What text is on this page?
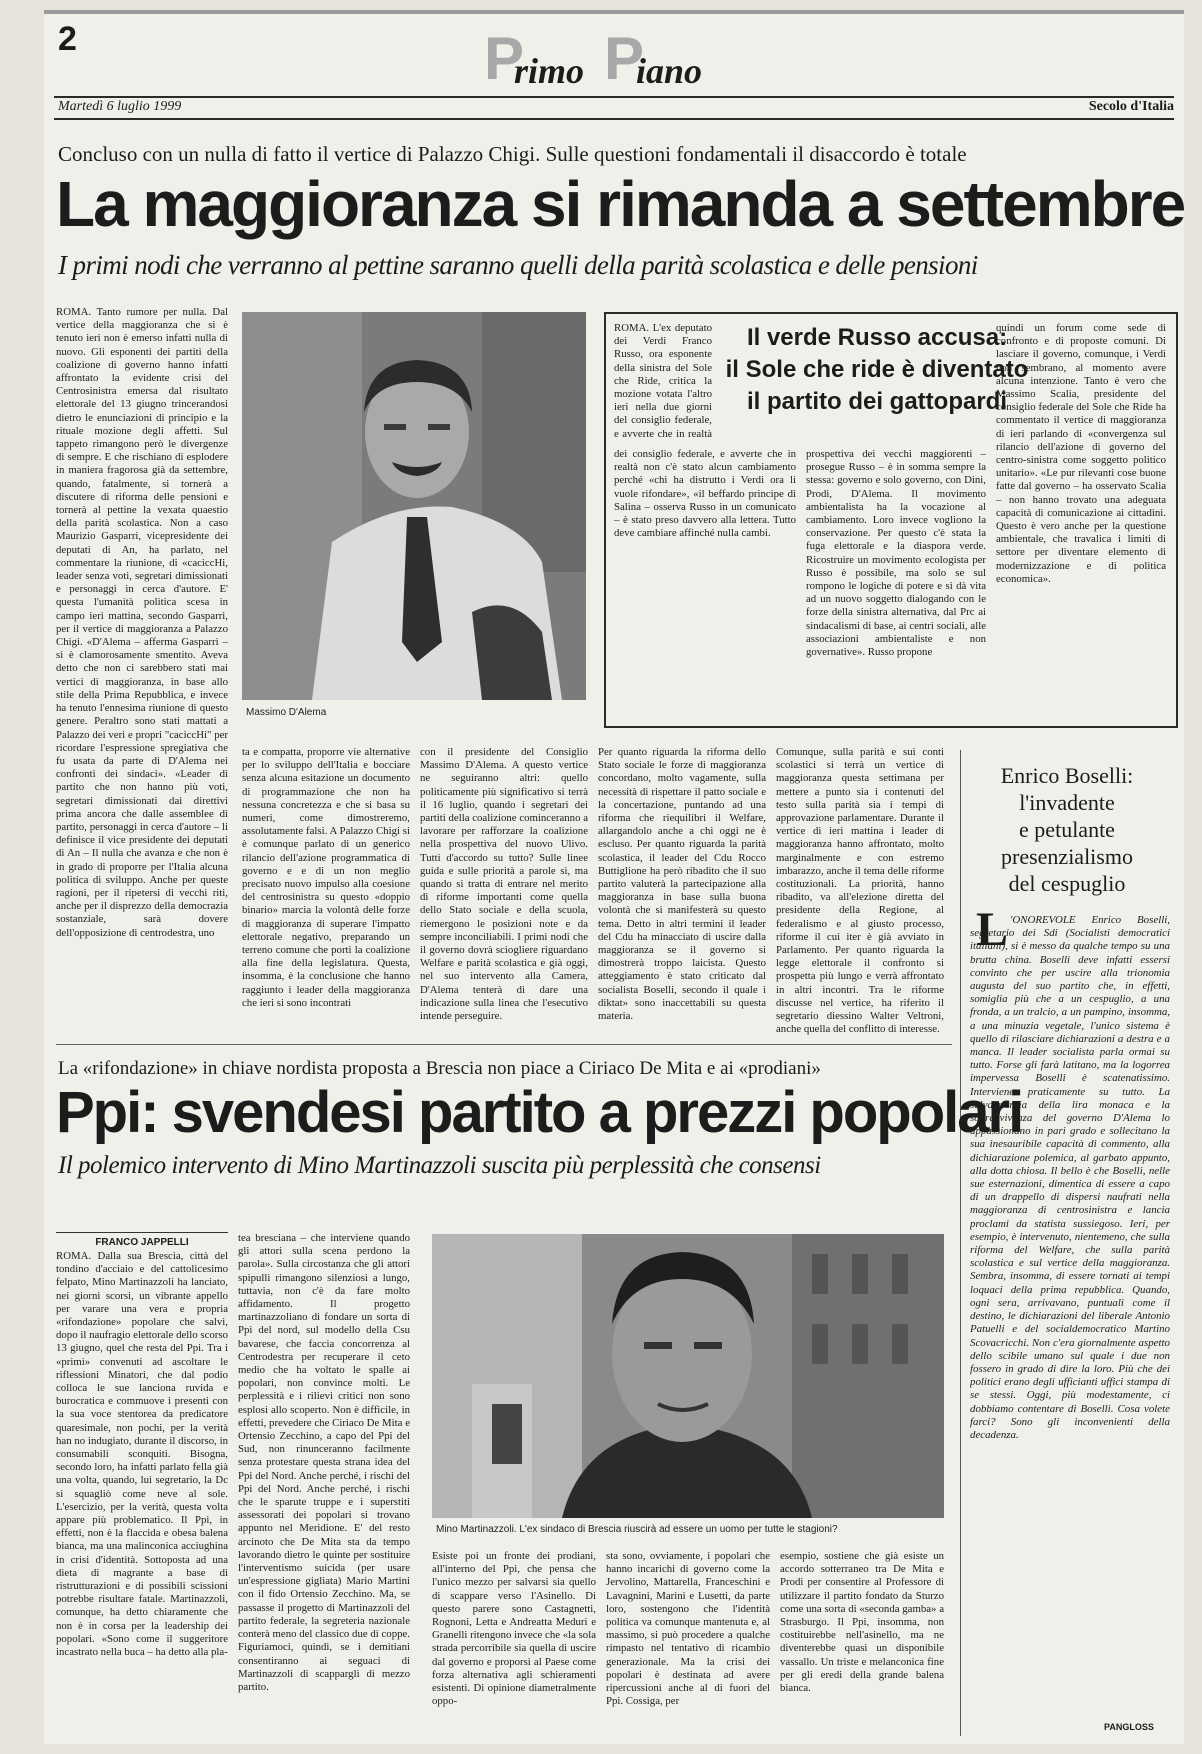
2	P
rimo P
iano
Martedì 6 luglio 1999	Secolo d'Italia
Concluso con un nulla di fatto il vertice di Palazzo Chigi. Sulle questioni fondamentali il disaccordo è totale
La maggioranza si rimanda a settembre
I primi nodi che verranno al pettine saranno quelli della parità scolastica e delle pensioni

ROMA. Tanto rumore per nulla. Dal vertice della maggioranza che si è tenuto ieri non è emerso infatti nulla di nuovo. Gli esponenti dei partiti della coalizione di governo hanno infatti affrontato la evidente crisi del Centrosinistra emersa dal risultato elettorale del 13 giugno trincerandosi dietro le enunciazioni di principio e la rituale mozione degli affetti. Sul tappeto rimangono però le divergenze di sempre. E che rischiano di esplodere in maniera fragorosa già da settembre, quando, fatalmente, si tornerà a discutere di riforma delle pensioni e tornerà al pettine la vexata quaestio della parità scolastica. Non a caso Maurizio Gasparri, vicepresidente dei deputati di An, ha parlato, nel commentare la riunione, di «caciccHi, leader senza voti, segretari dimissionati e personaggi in cerca d'autore. E' questa l'umanità politica scesa in campo ieri mattina, secondo Gasparri, per il vertice di maggioranza a Palazzo Chigi. «D'Alema – afferma Gasparri – si è clamorosamente smentito. Aveva detto che non ci sarebbero stati mai vertici di maggioranza, in base allo stile della Prima Repubblica, e invece ha tenuto l'ennesima riunione di questo genere. Peraltro sono stati mattati a Palazzo dei veri e propri "caciccHi" per ricordare l'espressione spregiativa che fu usata da parte di D'Alema nei confronti dei sindaci». «Leader di partito che non hanno più voti, segretari dimissionati dai direttivi prima ancora che dalle assemblee di partito, personaggi in cerca d'autore – li definisce il vice presidente dei deputati di An – Il nulla che avanza e che non è in grado di proporre per l'Italia alcuna politica di sviluppo. Anche per queste ragioni, per il ripetersi di vecchi riti, anche per il disprezzo della democrazia sostanziale, sarà dovere dell'opposizione di centrodestra, uno

Massimo D'Alema

ROMA. L'ex deputato dei Verdi Franco Russo, ora esponente della sinistra del Sole che Ride, critica la mozione votata l'altro ieri nella due giorni del consiglio federale, e avverte che in realtà

Il verde Russo accusa:
il Sole che ride è diventato
il partito dei gattopardi

dei consiglio federale, e avverte che in realtà non c'è stato alcun cambiamento perché «chi ha distrutto i Verdi ora li vuole rifondare», «il beffardo principe di Salina – osserva Russo in un comunicato – è stato preso davvero alla lettera. Tutto deve cambiare affinché nulla cambi.

prospettiva dei vecchi maggiorenti – prosegue Russo – è in somma sempre la stessa: governo e solo governo, con Dini, Prodi, D'Alema. Il movimento ambientalista ha la vocazione al cambiamento. Loro invece vogliono la conservazione. Per questo c'è stata la fuga elettorale e la diaspora verde. Ricostruire un movimento ecologista per Russo è possibile, ma solo se sul rompono le logiche di potere e si dà vita ad un nuovo soggetto dialogando con le forze della sinistra alternativa, dal Prc ai sindacalismi di base, ai centri sociali, alle associazioni ambientaliste e non governative». Russo propone

quindi un forum come sede di confronto e di proposte comuni. Di lasciare il governo, comunque, i Verdi non sembrano, al momento avere alcuna intenzione. Tanto è vero che Massimo Scalia, presidente del consiglio federale del Sole che Ride ha commentato il vertice di maggioranza di ieri parlando di «convergenza sul rilancio dell'azione di governo del centro-sinistra come soggetto politico unitario». «Le pur rilevanti cose buone fatte dal governo – ha osservato Scalia – non hanno trovato una adeguata capacità di comunicazione ai cittadini. Questo è vero anche per la questione ambientale, che travalica i limiti di settore per diventare elemento di modernizzazione e di politica economica».

ta e compatta, proporre vie alternative per lo sviluppo dell'Italia e bocciare senza alcuna esitazione un documento di programmazione che non ha nessuna concretezza e che si basa su numeri, come dimostreremo, assolutamente falsi. A Palazzo Chigi si è comunque parlato di un generico rilancio dell'azione programmatica di governo e e di un non meglio precisato nuovo impulso alla coesione del centrosinistra su questo «doppio binario» marcia la volontà delle forze di maggioranza di superare l'impatto elettorale negativo, preparando un terreno comune che porti la coalizione alla fine della legislatura. Questa, insomma, è la conclusione che hanno raggiunto i leader della maggioranza che ieri si sono incontrati

con il presidente del Consiglio Massimo D'Alema. A questo vertice ne seguiranno altri: quello politicamente più significativo si terrà il 16 luglio, quando i segretari dei partiti della coalizione cominceranno a lavorare per rafforzare la coalizione nella prospettiva del nuovo Ulivo. Tutti d'accordo su tutto? Sulle linee guida e sulle priorità a parole sì, ma quando si tratta di entrare nel merito di riforme importanti come quella dello Stato sociale e della scuola, riemergono le posizioni note e da sempre inconciliabili. I primi nodi che il governo dovrà sciogliere riguardano Welfare e parità scolastica e già oggi, nel suo intervento alla Camera, D'Alema tenterà di dare una indicazione sulla linea che l'esecutivo intende perseguire.

Per quanto riguarda la riforma dello Stato sociale le forze di maggioranza concordano, molto vagamente, sulla necessità di rispettare il patto sociale e la concertazione, puntando ad una riforma che riequilibri il Welfare, allargandolo anche a chi oggi ne è escluso. Per quanto riguarda la parità scolastica, il leader del Cdu Rocco Buttiglione ha però ribadito che il suo partito valuterà la partecipazione alla maggioranza in base sulla buona volontà che si manifesterà su questo tema. Detto in altri termini il leader del Cdu ha minacciato di uscire dalla maggioranza se il governo si dimostrerà troppo laicista. Questo atteggiamento è stato criticato dal socialista Boselli, secondo il quale i diktat» sono inaccettabili su questa materia.

Comunque, sulla parità e sui conti scolastici si terrà un vertice di maggioranza questa settimana per mettere a punto sia i contenuti del testo sulla parità sia i tempi di approvazione parlamentare. Durante il vertice di ieri mattina i leader di maggioranza hanno affrontato, molto marginalmente e con estremo imbarazzo, anche il tema delle riforme costituzionali. La priorità, hanno ribadito, va all'elezione diretta del presidente della Regione, al federalismo e al giusto processo, riforme il cui iter è già avviato in Parlamento. Per quanto riguarda la legge elettorale il confronto si prospetta più lungo e verrà affrontato in altri incontri. Tra le riforme discusse nel vertice, ha riferito il segretario diessino Walter Veltroni, anche quella del conflitto di interesse.

Enrico Boselli:
l'invadente
e petulante
presenzialismo
del cespuglio
L 'ONOREVOLE Enrico Boselli, segretario dei Sdi (Socialisti democratici italiani), si è messo da qualche tempo su una brutta china. Boselli deve infatti essersi convinto che per uscire alla trionomia augusta del suo partito che, in effetti, somiglia più che a un cespuglio, a una fronda, a un tralcio, a un pampino, insomma, a una minuzia vegetale, l'unico sistema è quello di rilasciare dichiarazioni a destra e a manca. Il leader socialista parla ormai su tutto. Forse gli farà latitano, ma la logorrea impervessa Boselli è scatenatissimo. Interviene praticamente su tutto. La salvaguardia della lira monaca e la sopravvivenza del governo D'Alema lo appassionano in pari grado e sollecitano la sua inesauribile capacità di commento, alla dichiarazione polemica, al garbato appunto, alla dotta chiosa. Il bello è che Boselli, nelle sue esternazioni, dimentica di essere a capo di un drappello di dispersi naufrati nella maggioranza di centrosinistra e lancia proclami da statista sussiegoso. Ieri, per esempio, è intervenuto, nientemeno, che sulla riforma del Welfare, che sulla parità scolastica e sul vertice della maggioranza. Sembra, insomma, di essere tornati ai tempi loquaci della prima repubblica. Quando, ogni sera, arrivavano, puntuali come il destino, le dichiarazioni del liberale Antonio Patuelli e del socialdemocratico Martino Scovacricchi. Non c'era giornalmente aspetto dello scibile umano sul quale i due non fossero in grado di dire la loro. Più che dei politici erano degli ufficianti uffici stampa di se stessi. Oggi, più modestamente, ci dobbiamo contentare di Boselli. Cosa volete farci? Sono gli inconvenienti della decadenza.

PANGLOSS
La «rifondazione» in chiave nordista proposta a Brescia non piace a Ciriaco De Mita e ai «prodiani»
Ppi: svendesi partito a prezzi popolari
Il polemico intervento di Mino Martinazzoli suscita più perplessità che consensi
FRANCO JAPPELLI

ROMA. Dalla sua Brescia, città del tondino d'acciaio e del cattolicesimo felpato, Mino Martinazzoli ha lanciato, nei giorni scorsi, un vibrante appello per varare una vera e propria «rifondazione» popolare che salvi, dopo il naufragio elettorale dello scorso 13 giugno, quel che resta del Ppi. Tra i «primi» convenuti ad ascoltare le riflessioni Minatori, che dal podio colloca le sue lanciona ruvida e burocratica e commuove i presenti con la sua voce stentorea da predicatore quaresimale, non pochi, per la verità han no indugiato, durante il discorso, in consumabili sconquiti. Bisogna, secondo loro, ha infatti parlato fella già una volta, quando, lui segretario, la Dc si squagliò come neve al sole. L'esercizio, per la verità, questa volta appare più problematico. Il Ppi, in effetti, non è la flaccida e obesa balena bianca, ma una malinconica acciughina in crisi d'identità. Sottoposta ad una dieta di magrante a base di ristrutturazioni e di possibili scissioni potrebbe risultare fatale. Martinazzoli, comunque, ha detto chiaramente che non è in corsa per la leadership dei popolari. «Sono come il suggeritore incastrato nella buca – ha detto alla pla-

tea bresciana – che interviene quando gli attori sulla scena perdono la parola». Sulla circostanza che gli attori spipulli rimangono silenziosi a lungo, tuttavia, non c'è da fare molto affidamento. Il progetto martinazzoliano di fondare un sorta di Ppi del nord, sul modello della Csu bavarese, che faccia concorrenza al Centrodestra per recuperare il ceto medio che ha voltato le spalle ai popolari, non convince molti. Le perplessità e i rilievi critici non sono esplosi allo scoperto. Non è difficile, in effetti, prevedere che Ciriaco De Mita e Ortensio Zecchino, a capo del Ppi del Sud, non rinunceranno facilmente senza protestare questa strana idea del Ppi del Nord. Anche perché, i rischi del Ppi del Nord. Anche perché, i rischi che le sparute truppe e i superstiti assessorati dei popolari si trovano appunto nel Meridione. E' del resto arcinoto che De Mita sta da tempo lavorando dietro le quinte per sostituire l'interventismo suicida (per usare un'espressione gigliata) Mario Martini con il fido Ortensio Zecchino. Ma, se passasse il progetto di Martinazzoli del partito federale, la segreteria nazionale conterà meno del classico due di coppe. Figuriamoci, quindi, se i demitiani consentiranno ai seguaci di Martinazzoli di scappargli di mezzo partito.

Mino Martinazzoli. L'ex sindaco di Brescia riuscirà ad essere un uomo per tutte le stagioni?

Esiste poi un fronte dei prodiani, all'interno del Ppi, che pensa che l'unico mezzo per salvarsi sia quello di scappare verso l'Asinello. Di questo parere sono Castagnetti, Rognoni, Letta e Andreatta Meduri e Granelli ritengono invece che «la sola strada percorribile sia quella di uscire dal governo e proporsi al Paese come forza alternativa agli schieramenti esistenti. Di opinione diametralmente oppo-

sta sono, ovviamente, i popolari che hanno incarichi di governo come la Jervolino, Mattarella, Franceschini e Lavagnini, Marini e Lusetti, da parte loro, sostengono che l'identità politica va comunque mantenuta e, al massimo, si può procedere a qualche rimpasto nel tentativo di ricambio generazionale. Ma la crisi dei popolari è destinata ad avere ripercussioni anche al di fuori del Ppi. Cossiga, per

esempio, sostiene che già esiste un accordo sotterraneo tra De Mita e Prodi per consentire al Professore di utilizzare il partito fondato da Sturzo come una sorta di «seconda gamba» a Strasburgo. Il Ppi, insomma, non costituirebbe nell'asinello, ma ne diventerebbe quasi un disponibile vassallo. Un triste e melanconica fine per gli eredi della grande balena bianca.
